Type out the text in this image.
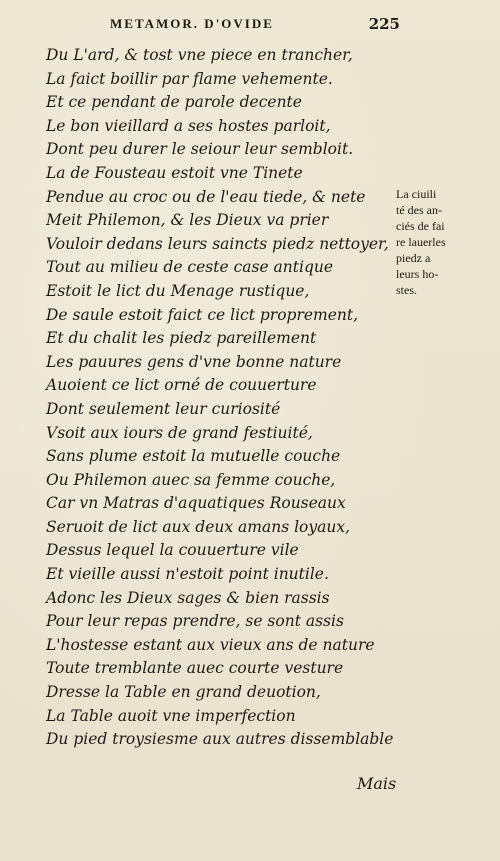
METAMOR. D'OVIDE	225
Du L'ard, & tost vne piece en trancher,
La faict boillir par flame vehemente.
Et ce pendant de parole decente
Le bon vieillard a ses hostes parloit,
Dont peu durer le seiour leur sembloit.
La de Fousteau estoit vne Tinete
Pendue au croc ou de l'eau tiede, & nete
Meit Philemon, & les Dieux va prier
Vouloir dedans leurs saincts piedz nettoyer,
Tout au milieu de ceste case antique
Estoit le lict du Menage rustique,
De saule estoit faict ce lict proprement,
Et du chalit les piedz pareillement
Les pauures gens d'vne bonne nature
Auoient ce lict orné de couuerture
Dont seulement leur curiosité
Vsoit aux iours de grand festiuité,
Sans plume estoit la mutuelle couche
Ou Philemon auec sa femme couche,
Car vn Matras d'aquatiques Rouseaux
Seruoit de lict aux deux amans loyaux,
Dessus lequel la couuerture vile
Et vieille aussi n'estoit point inutile.
Adonc les Dieux sages & bien rassis
Pour leur repas prendre, se sont assis
L'hostesse estant aux vieux ans de nature
Toute tremblante auec courte vesture
Dresse la Table en grand deuotion,
La Table auoit vne imperfection
Du pied troysiesme aux autres dissemblable
La ciuili
té des an-
ciés de fai
re lauerles
piedz a
leurs ho-
stes.
Mais
